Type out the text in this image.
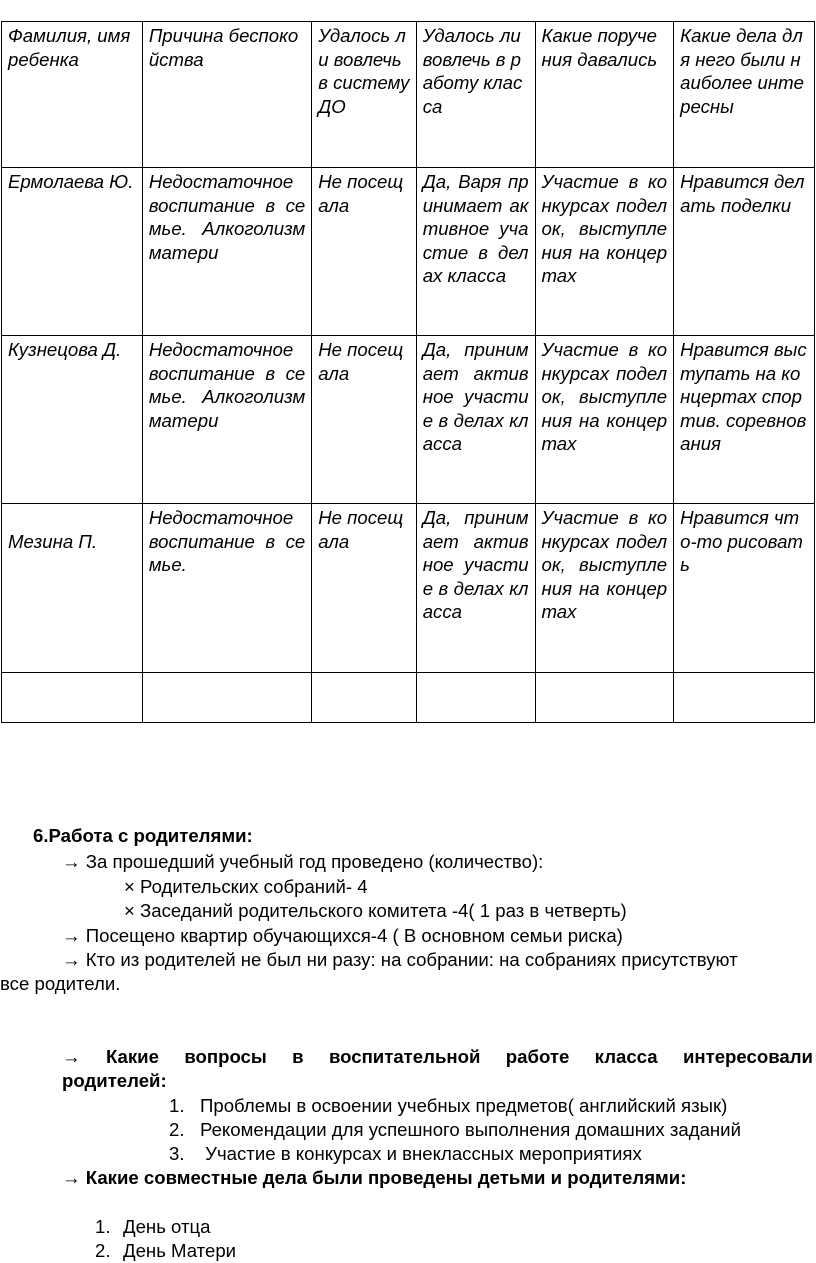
Фамилия, имя ребенка	Причина беспокойства	Удалось ли вовлечь в систему ДО	Удалось ли вовлечь в работу класса	Какие поручения давались	Какие дела для него были наиболее интересны
Ермолаева Ю.	Недостаточное воспитание в семье. Алкоголизм матери	Не посещала	Да, Варя принимает активное участие в делах класса	Участие в конкурсах поделок, выступления на концертах	Нравится делать поделки
Кузнецова Д.	Недостаточное воспитание в семье. Алкоголизм матери	Не посещала	Да, принимает активное участие в делах класса	Участие в конкурсах поделок, выступления на концертах	Нравится выступать на концертах спортив. соревнования

Мезина П.	Недостаточное воспитание в семье.	Не посещала	Да, принимает активное участие в делах класса	Участие в конкурсах поделок, выступления на концертах	Нравится что-то рисовать

6.Работа с родителями:
→ За прошедший учебный год проведено (количество):
× Родительских собраний- 4
× Заседаний родительского комитета -4( 1 раз в четверть)
→ Посещено квартир обучающихся-4 ( В основном семьи риска)
→ Кто из родителей не был ни разу: на собрании: на собраниях присутствуют
все родители.
→ Какие вопросы в воспитательной работе класса интересовали
родителей:
1. Проблемы в освоении учебных предметов( английский язык)
2. Рекомендации для успешного выполнения домашних заданий
3. Участие в конкурсах и внеклассных мероприятиях
→ Какие совместные дела были проведены детьми и родителями:
1. День отца
2. День Матери
